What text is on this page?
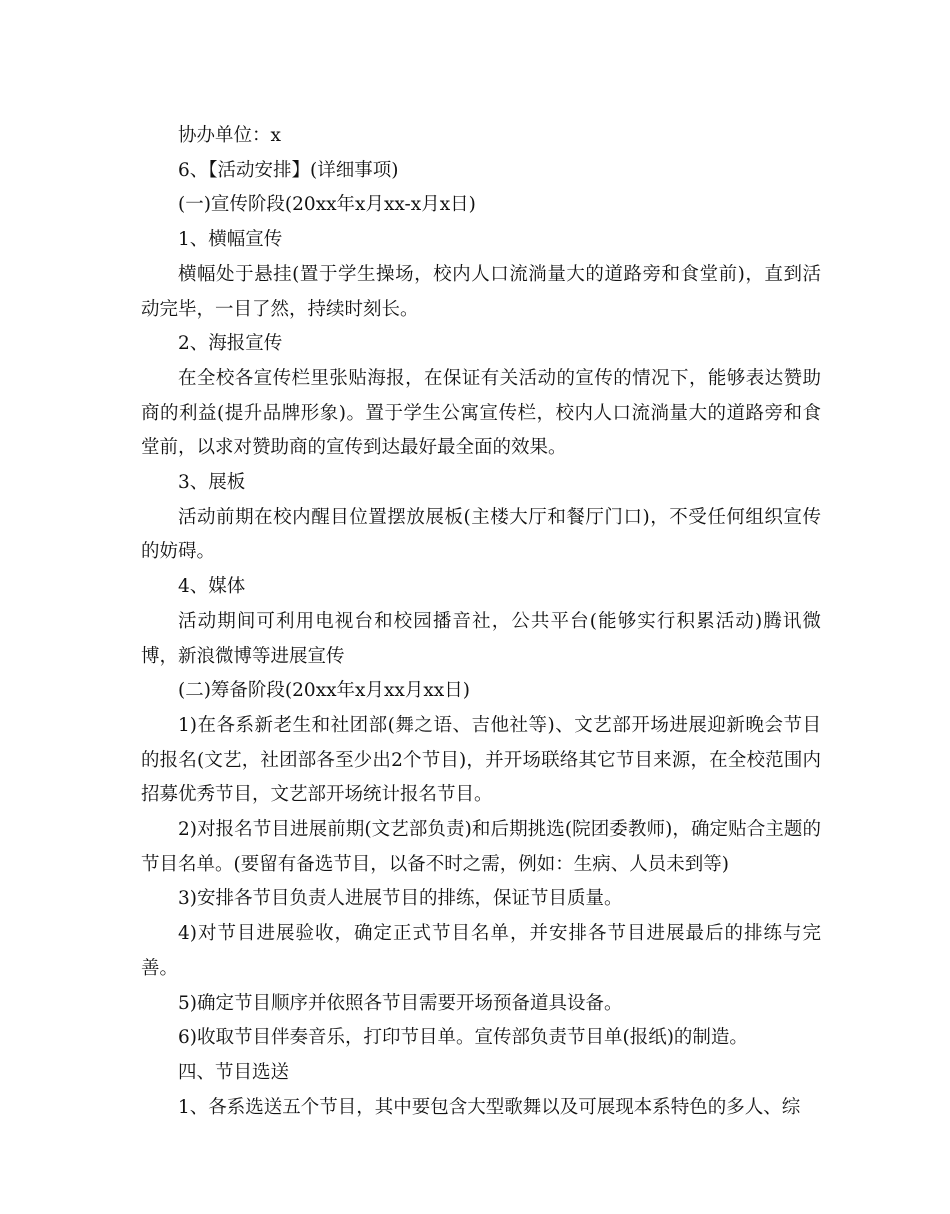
协办单位：x

6、【活动安排】(详细事项)

(一)宣传阶段(20xx年x月xx-x月x日)

1、横幅宣传

横幅处于悬挂(置于学生操场，校内人口流淌量大的道路旁和食堂前)，直到活动完毕，一目了然，持续时刻长。

2、海报宣传

在全校各宣传栏里张贴海报，在保证有关活动的宣传的情况下，能够表达赞助商的利益(提升品牌形象)。置于学生公寓宣传栏，校内人口流淌量大的道路旁和食堂前，以求对赞助商的宣传到达最好最全面的效果。

3、展板

活动前期在校内醒目位置摆放展板(主楼大厅和餐厅门口)，不受任何组织宣传的妨碍。

4、媒体

活动期间可利用电视台和校园播音社，公共平台(能够实行积累活动)腾讯微博，新浪微博等进展宣传

(二)筹备阶段(20xx年x月xx月xx日)

1)在各系新老生和社团部(舞之语、吉他社等)、文艺部开场进展迎新晚会节目的报名(文艺，社团部各至少出2个节目)，并开场联络其它节目来源，在全校范围内招募优秀节目，文艺部开场统计报名节目。

2)对报名节目进展前期(文艺部负责)和后期挑选(院团委教师)，确定贴合主题的节目名单。(要留有备选节目，以备不时之需，例如：生病、人员未到等)

3)安排各节目负责人进展节目的排练，保证节目质量。

4)对节目进展验收，确定正式节目名单，并安排各节目进展最后的排练与完善。

5)确定节目顺序并依照各节目需要开场预备道具设备。

6)收取节目伴奏音乐，打印节目单。宣传部负责节目单(报纸)的制造。

四、节目选送

1、各系选送五个节目，其中要包含大型歌舞以及可展现本系特色的多人、综
